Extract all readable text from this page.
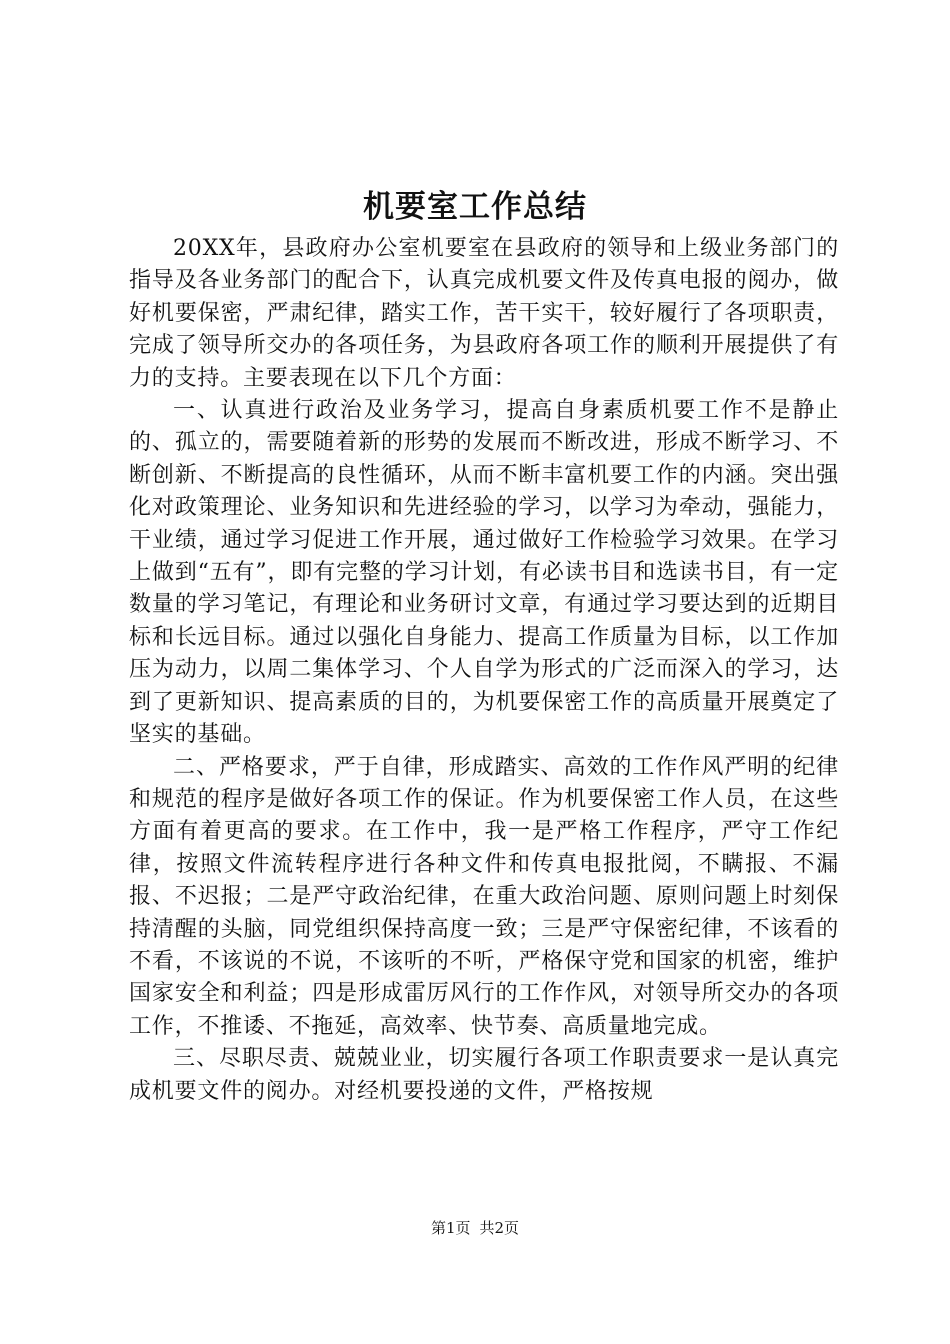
机要室工作总结

20XX年，县政府办公室机要室在县政府的领导和上级业务部门的指导及各业务部门的配合下，认真完成机要文件及传真电报的阅办，做好机要保密，严肃纪律，踏实工作，苦干实干，较好履行了各项职责，完成了领导所交办的各项任务，为县政府各项工作的顺利开展提供了有力的支持。主要表现在以下几个方面：

一、认真进行政治及业务学习，提高自身素质机要工作不是静止的、孤立的，需要随着新的形势的发展而不断改进，形成不断学习、不断创新、不断提高的良性循环，从而不断丰富机要工作的内涵。突出强化对政策理论、业务知识和先进经验的学习，以学习为牵动，强能力，干业绩，通过学习促进工作开展，通过做好工作检验学习效果。在学习上做到“五有”，即有完整的学习计划，有必读书目和选读书目，有一定数量的学习笔记，有理论和业务研讨文章，有通过学习要达到的近期目标和长远目标。通过以强化自身能力、提高工作质量为目标，以工作加压为动力，以周二集体学习、个人自学为形式的广泛而深入的学习，达到了更新知识、提高素质的目的，为机要保密工作的高质量开展奠定了坚实的基础。

二、严格要求，严于自律，形成踏实、高效的工作作风严明的纪律和规范的程序是做好各项工作的保证。作为机要保密工作人员，在这些方面有着更高的要求。在工作中，我一是严格工作程序，严守工作纪律，按照文件流转程序进行各种文件和传真电报批阅，不瞒报、不漏报、不迟报；二是严守政治纪律，在重大政治问题、原则问题上时刻保持清醒的头脑，同党组织保持高度一致；三是严守保密纪律，不该看的不看，不该说的不说，不该听的不听，严格保守党和国家的机密，维护国家安全和利益；四是形成雷厉风行的工作作风，对领导所交办的各项工作，不推诿、不拖延，高效率、快节奏、高质量地完成。

三、尽职尽责、兢兢业业，切实履行各项工作职责要求一是认真完成机要文件的阅办。对经机要投递的文件，严格按规

第1页 共2页
